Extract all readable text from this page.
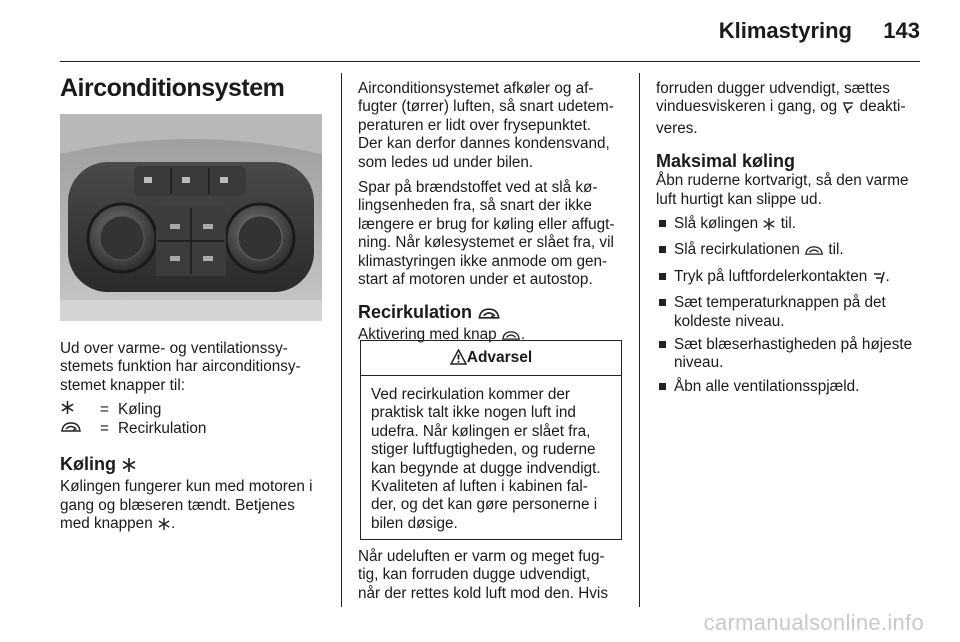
Klimastyring 143
Airconditionsystem

Ud over varme- og ventilationssy-

stemets funktion har airconditionsy-

stemet knapper til:

= Køling
= Recirkulation
Køling

Kølingen fungerer kun med motoren i

gang og blæseren tændt. Betjenes

med knappen .

Airconditionsystemet afkøler og af-

fugter (tørrer) luften, så snart udetem-

peraturen er lidt over frysepunktet.

Der kan derfor dannes kondensvand,

som ledes ud under bilen.

Spar på brændstoffet ved at slå kø-

lingsenheden fra, så snart der ikke

længere er brug for køling eller affugt-

ning. Når kølesystemet er slået fra, vil

klimastyringen ikke anmode om gen-

start af motoren under et autostop.

Recirkulation

Aktivering med knap .

Advarsel

Ved recirkulation kommer der

praktisk talt ikke nogen luft ind

udefra. Når kølingen er slået fra,

stiger luftfugtigheden, og ruderne

kan begynde at dugge indvendigt.

Kvaliteten af luften i kabinen fal-

der, og det kan gøre personerne i

bilen døsige.

Når udeluften er varm og meget fug-

tig, kan forruden dugge udvendigt,

når der rettes kold luft mod den. Hvis

forruden dugger udvendigt, sættes

vinduesviskeren i gang, og deakti-

veres.

Maksimal køling

Åbn ruderne kortvarigt, så den varme

luft hurtigt kan slippe ud.

Slå kølingen til.
Slå recirkulationen til.
Tryk på luftfordelerkontakten .

Sæt temperaturknappen på det

koldeste niveau.

Sæt blæserhastigheden på højeste

niveau.

Åbn alle ventilationsspjæld.
carmanualsonline.info
